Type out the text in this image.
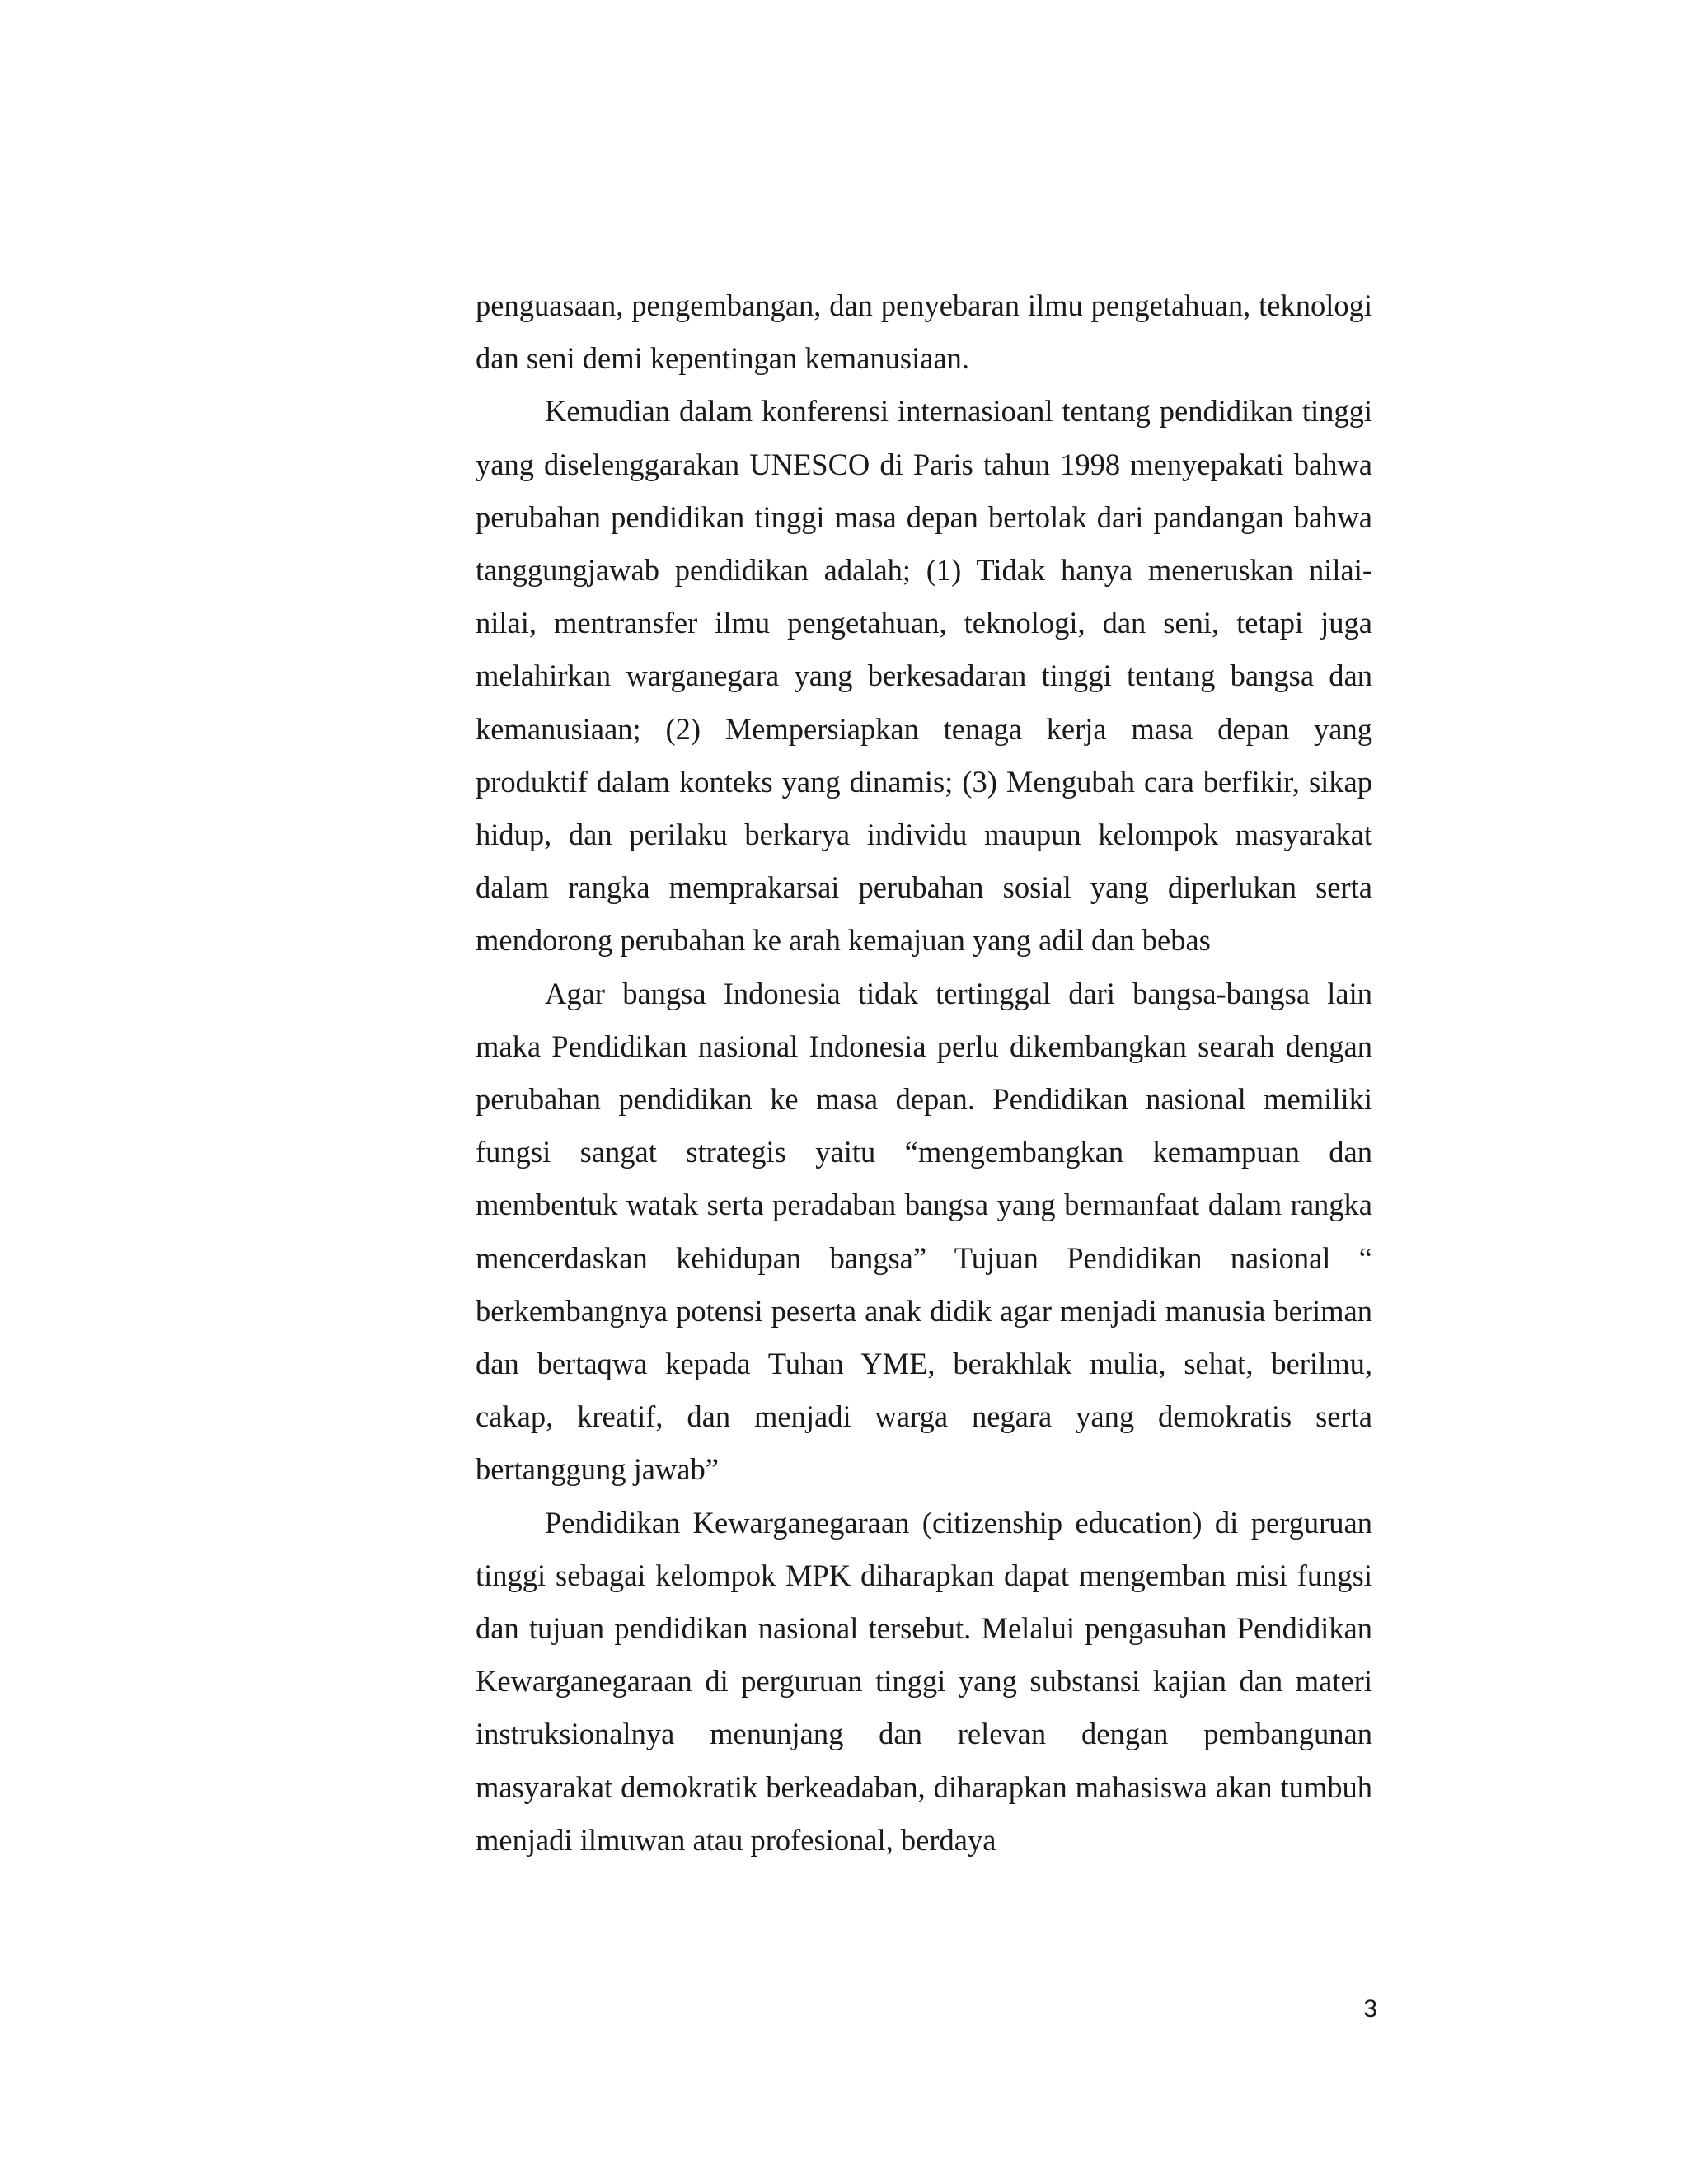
penguasaan, pengembangan, dan penyebaran ilmu pengetahuan, teknologi dan seni demi kepentingan kemanusiaan.

Kemudian dalam konferensi internasioanl tentang pendidikan tinggi yang diselenggarakan UNESCO di Paris tahun 1998 menyepakati bahwa perubahan pendidikan tinggi masa depan bertolak dari pandangan bahwa tanggungjawab pendidikan adalah; (1) Tidak hanya meneruskan nilai-nilai, mentransfer ilmu pengetahuan, teknologi, dan seni, tetapi juga melahirkan warganegara yang berkesadaran tinggi tentang bangsa dan kemanusiaan; (2) Mempersiapkan tenaga kerja masa depan yang produktif dalam konteks yang dinamis; (3) Mengubah cara berfikir, sikap hidup, dan perilaku berkarya individu maupun kelompok masyarakat dalam rangka memprakarsai perubahan sosial yang diperlukan serta mendorong perubahan ke arah kemajuan yang adil dan bebas

Agar bangsa Indonesia tidak tertinggal dari bangsa-bangsa lain maka Pendidikan nasional Indonesia perlu dikembangkan searah dengan perubahan pendidikan ke masa depan. Pendidikan nasional memiliki fungsi sangat strategis yaitu “mengembangkan kemampuan dan membentuk watak serta peradaban bangsa yang bermanfaat dalam rangka mencerdaskan kehidupan bangsa” Tujuan Pendidikan nasional “ berkembangnya potensi peserta anak didik agar menjadi manusia beriman dan bertaqwa kepada Tuhan YME, berakhlak mulia, sehat, berilmu, cakap, kreatif, dan menjadi warga negara yang demokratis serta bertanggung jawab”

Pendidikan Kewarganegaraan (citizenship education) di perguruan tinggi sebagai kelompok MPK diharapkan dapat mengemban misi fungsi dan tujuan pendidikan nasional tersebut. Melalui pengasuhan Pendidikan Kewarganegaraan di perguruan tinggi yang substansi kajian dan materi instruksionalnya menunjang dan relevan dengan pembangunan masyarakat demokratik berkeadaban, diharapkan mahasiswa akan tumbuh menjadi ilmuwan atau profesional, berdaya

3
